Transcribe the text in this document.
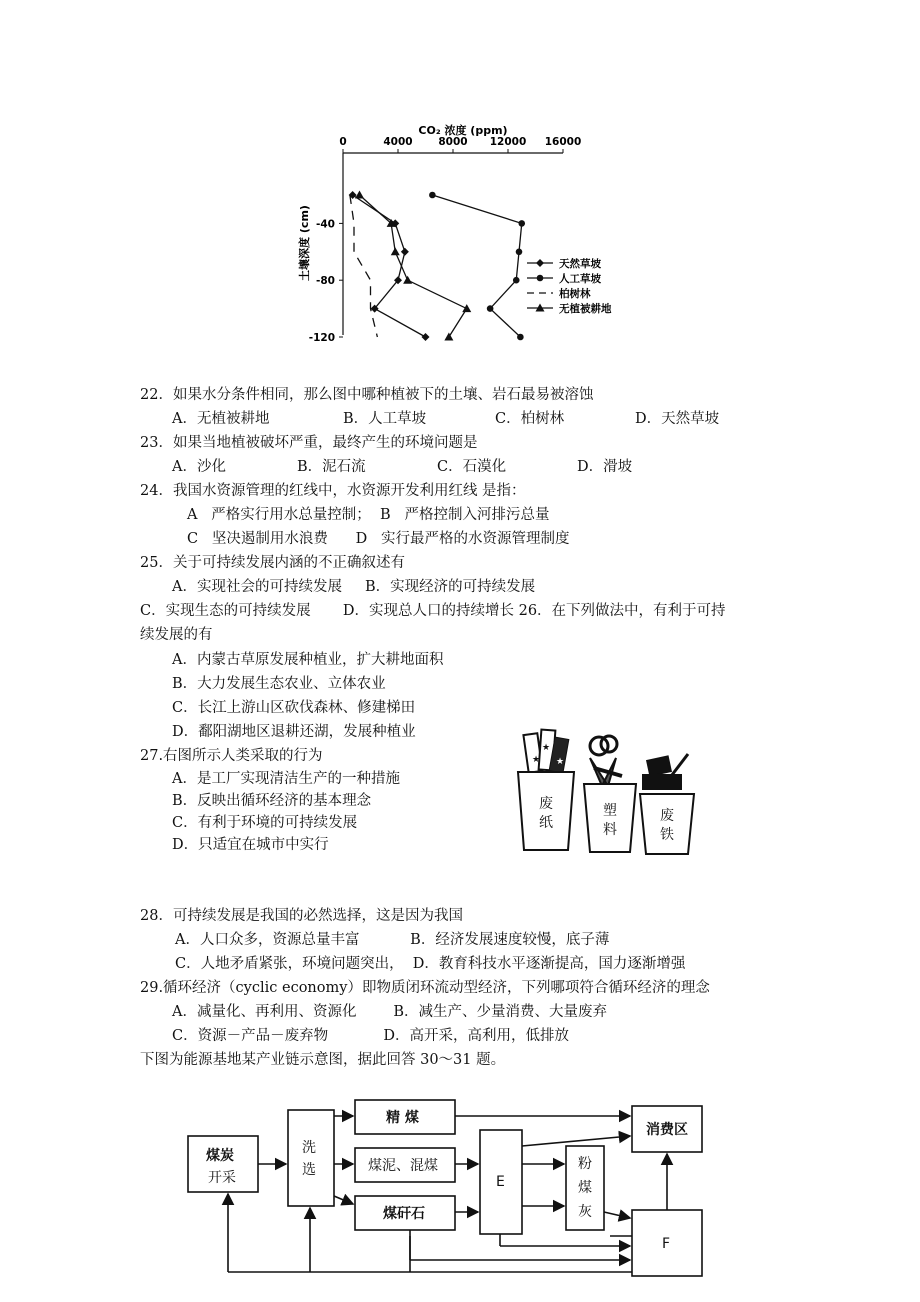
CO₂ 浓度 (ppm)
0	4000 8000 12000 16000
-40
-80
-120
土壤深度 (cm)	天然草坡
人工草坡
柏树林
无植被耕地
22．如果水分条件相同，那么图中哪种植被下的土壤、岩石最易被溶蚀
A．无植被耕地	B．人工草坡	C．柏树林	D．天然草坡
23．如果当地植被破坏严重，最终产生的环境问题是
A．沙化	B．泥石流	C．石漠化	D．滑坡
24．我国水资源管理的红线中，水资源开发利用红线 是指：
A   严格实行用水总量控制；  B   严格控制入河排污总量
C   坚决遏制用水浪费      D   实行最严格的水资源管理制度
25．关于可持续发展内涵的不正确叙述有
A．实现社会的可持续发展     B．实现经济的可持续发展
C．实现生态的可持续发展       D．实现总人口的持续增长 26．在下列做法中，有利于可持
续发展的有
A．内蒙古草原发展种植业，扩大耕地面积
B．大力发展生态农业、立体农业
C．长江上游山区砍伐森林、修建梯田
D．鄱阳湖地区退耕还湖，发展种植业
27.右图所示人类采取的行为
A．是工厂实现清洁生产的一种措施
B．反映出循环经济的基本理念
C．有利于环境的可持续发展
D．只适宜在城市中实行
★
★
★
废
纸
塑
料
废
铁
28．可持续发展是我国的必然选择，这是因为我国
A．人口众多，资源总量丰富           B．经济发展速度较慢，底子薄
C．人地矛盾紧张，环境问题突出，  D．教育科技水平逐渐提高，国力逐渐增强
29.循环经济（cyclic economy）即物质闭环流动型经济，下列哪项符合循环经济的理念
A．减量化、再利用、资源化        B．减生产、少量消费、大量废弃
C．资源－产品－废弃物            D．高开采，高利用，低排放
下图为能源基地某产业链示意图，据此回答 30～31 题。
煤炭
开采
洗
选
精 煤
煤泥、混煤
煤矸石
E
粉
煤
灰
消费区
F
